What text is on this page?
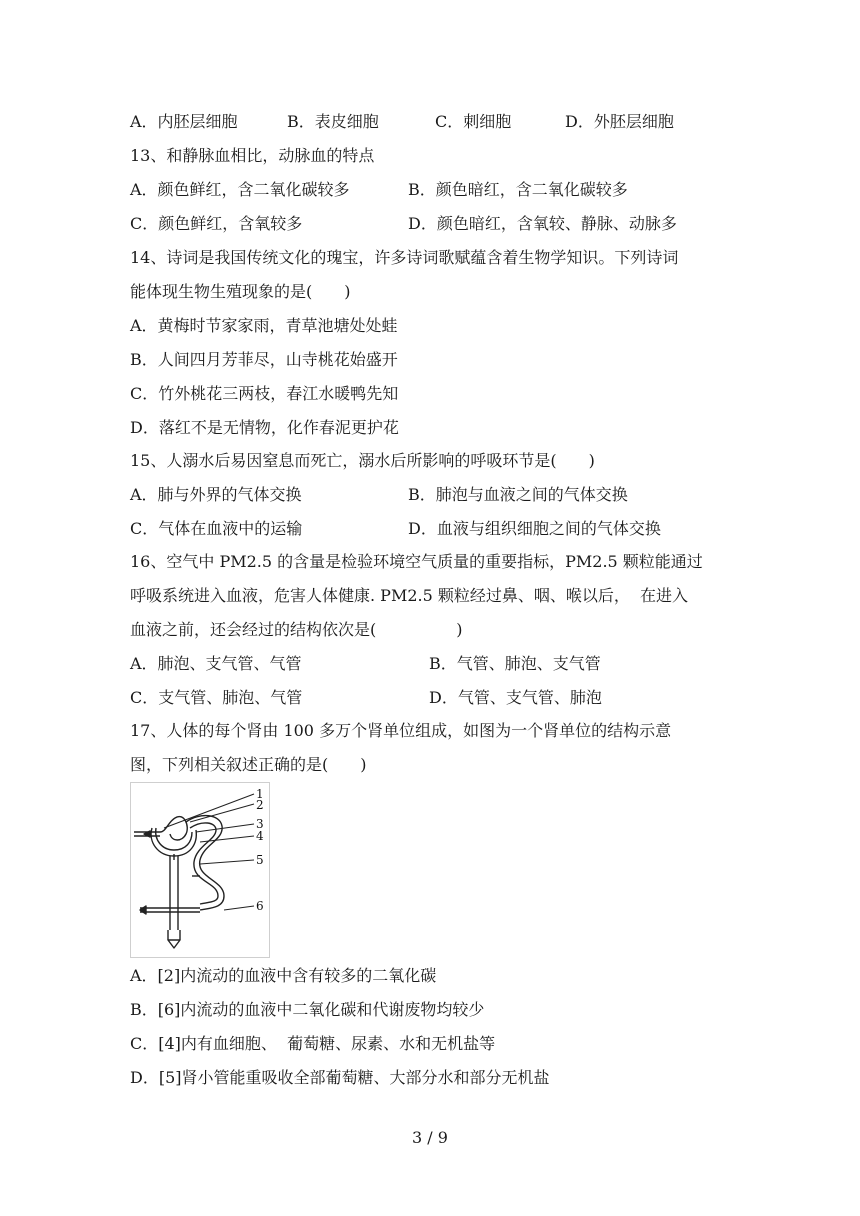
A．内胚层细胞	B．表皮细胞	C．刺细胞	D．外胚层细胞
13、和静脉血相比，动脉血的特点
A．颜色鲜红，含二氧化碳较多	B．颜色暗红，含二氧化碳较多
C．颜色鲜红，含氧较多	D．颜色暗红，含氧较、静脉、动脉多
14、诗词是我国传统文化的瑰宝，许多诗词歌赋蕴含着生物学知识。下列诗词
能体现生物生殖现象的是(　　)
A．黄梅时节家家雨，青草池塘处处蛙
B．人间四月芳菲尽，山寺桃花始盛开
C．竹外桃花三两枝，春江水暖鸭先知
D．落红不是无情物，化作春泥更护花
15、人溺水后易因窒息而死亡，溺水后所影响的呼吸环节是(　　)
A．肺与外界的气体交换	B．肺泡与血液之间的气体交换
C．气体在血液中的运输	D．血液与组织细胞之间的气体交换
16、空气中 PM2.5 的含量是检验环境空气质量的重要指标，PM2.5 颗粒能通过
呼吸系统进入血液，危害人体健康. PM2.5 颗粒经过鼻、咽、喉以后，  在进入
血液之前，还会经过的结构依次是(　　　　　)
A．肺泡、支气管、气管	B．气管、肺泡、支气管
C．支气管、肺泡、气管	D．气管、支气管、肺泡
17、人体的每个肾由 100 多万个肾单位组成，如图为一个肾单位的结构示意
图，下列相关叙述正确的是(　　)
1
2
3
4
5
6
A．[2]内流动的血液中含有较多的二氧化碳
B．[6]内流动的血液中二氧化碳和代谢废物均较少
C．[4]内有血细胞、  葡萄糖、尿素、水和无机盐等
D．[5]肾小管能重吸收全部葡萄糖、大部分水和部分无机盐
3 / 9
